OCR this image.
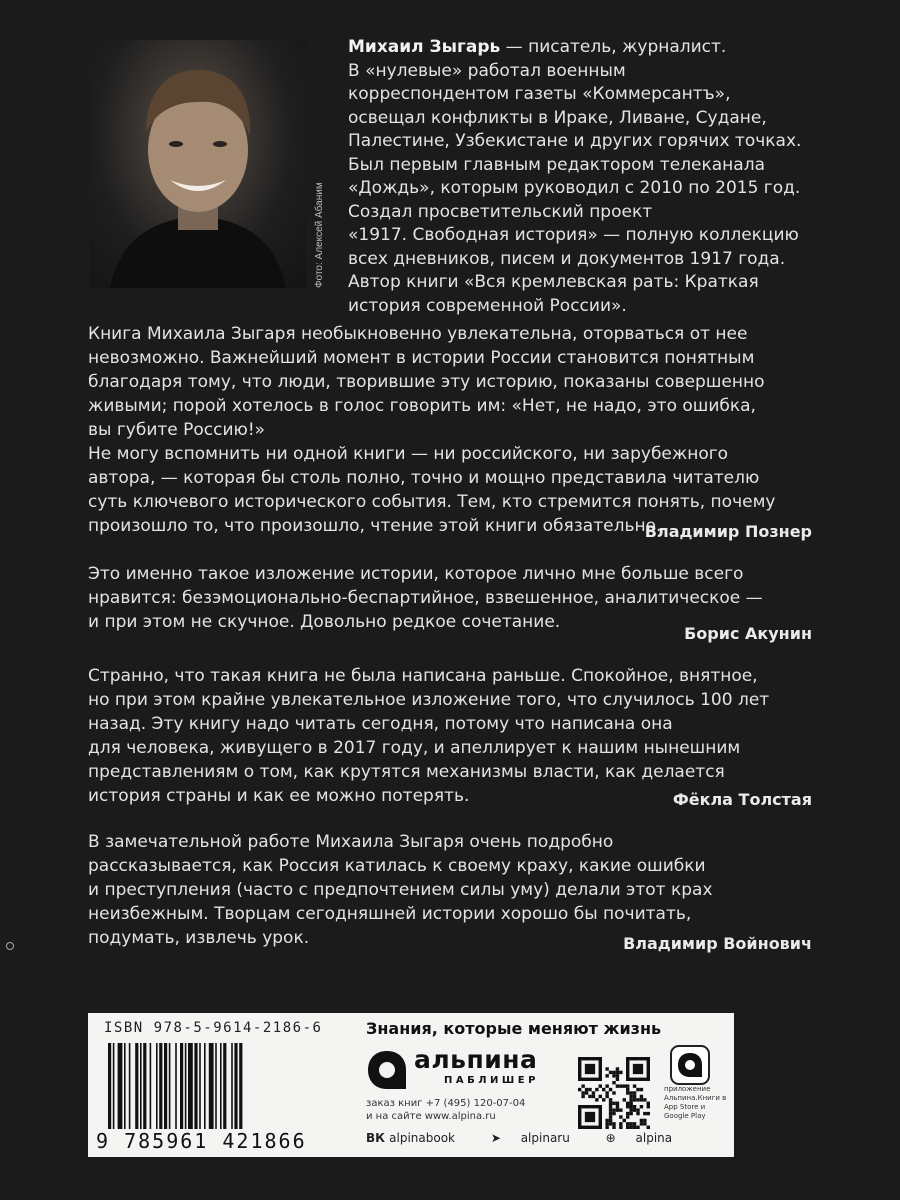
Фото: Алексей Абаним
Михаил Зыгарь — писатель, журналист.
В «нулевые» работал военным
корреспондентом газеты «Коммерсантъ»,
освещал конфликты в Ираке, Ливане, Судане,
Палестине, Узбекистане и других горячих точках.
Был первым главным редактором телеканала
«Дождь», которым руководил с 2010 по 2015 год.
Создал просветительский проект
«1917. Свободная история» — полную коллекцию
всех дневников, писем и документов 1917 года.
Автор книги «Вся кремлевская рать: Краткая
история современной России».

Книга Михаила Зыгаря необыкновенно увлекательна, оторваться от нее

невозможно. Важнейший момент в истории России становится понятным

благодаря тому, что люди, творившие эту историю, показаны совершенно

живыми; порой хотелось в голос говорить им: «Нет, не надо, это ошибка,

вы губите Россию!»

Не могу вспомнить ни одной книги — ни российского, ни зарубежного

автора, — которая бы столь полно, точно и мощно представила читателю

суть ключевого исторического события. Тем, кто стремится понять, почему

произошло то, что произошло, чтение этой книги обязательно.

Владимир Познер

Это именно такое изложение истории, которое лично мне больше всего

нравится: безэмоционально-беспартийное, взвешенное, аналитическое —

и при этом не скучное. Довольно редкое сочетание.

Борис Акунин

Странно, что такая книга не была написана раньше. Спокойное, внятное,

но при этом крайне увлекательное изложение того, что случилось 100 лет

назад. Эту книгу надо читать сегодня, потому что написана она

для человека, живущего в 2017 году, и апеллирует к нашим нынешним

представлениям о том, как крутятся механизмы власти, как делается

история страны и как ее можно потерять.	Фёкла Толстая

В замечательной работе Михаила Зыгаря очень подробно

рассказывается, как Россия катилась к своему краху, какие ошибки

и преступления (часто с предпочтением силы уму) делали этот крах

неизбежным. Творцам сегодняшней истории хорошо бы почитать,

подумать, извлечь урок.	Владимир Войнович
ISBN 978-5-9614-2186-6
9 785961 421866
Знания, которые меняют жизнь
альпина
ПАБЛИШЕР
заказ книг +7 (495) 120-07-04
и на сайте www.alpina.ru
ВК alpinabook	➤ alpinaru	⊕ alpina
приложение Альпина.Книги в App Store и Google Play
